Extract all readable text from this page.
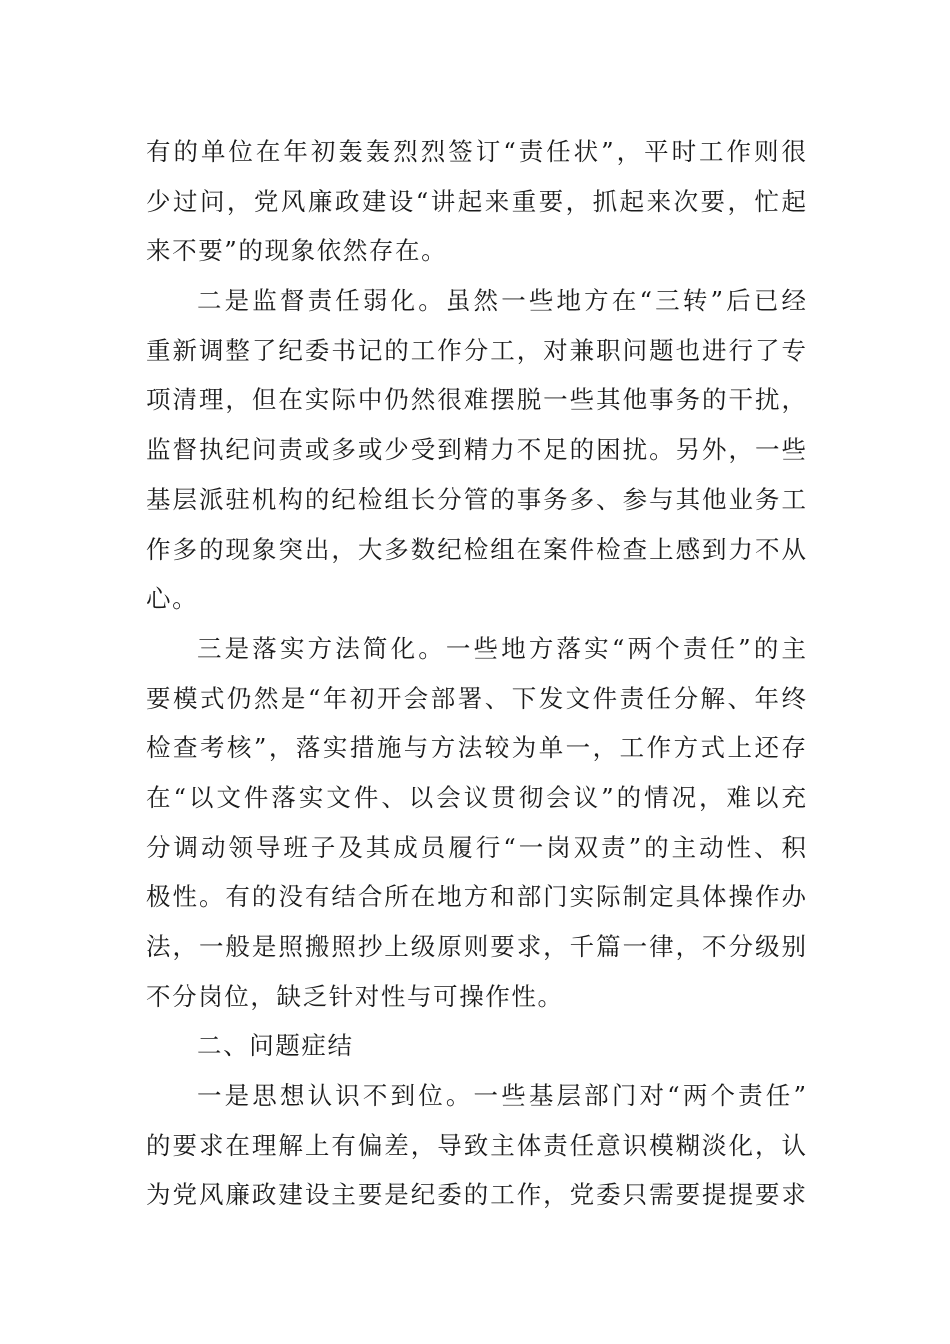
有的单位在年初轰轰烈烈签订“责任状”，平时工作则很
少过问，党风廉政建设“讲起来重要，抓起来次要，忙起
来不要”的现象依然存在。
二是监督责任弱化。虽然一些地方在“三转”后已经
重新调整了纪委书记的工作分工，对兼职问题也进行了专
项清理，但在实际中仍然很难摆脱一些其他事务的干扰，
监督执纪问责或多或少受到精力不足的困扰。另外，一些
基层派驻机构的纪检组长分管的事务多、参与其他业务工
作多的现象突出，大多数纪检组在案件检查上感到力不从
心。
三是落实方法简化。一些地方落实“两个责任”的主
要模式仍然是“年初开会部署、下发文件责任分解、年终
检查考核”，落实措施与方法较为单一，工作方式上还存
在“以文件落实文件、以会议贯彻会议”的情况，难以充
分调动领导班子及其成员履行“一岗双责”的主动性、积
极性。有的没有结合所在地方和部门实际制定具体操作办
法，一般是照搬照抄上级原则要求，千篇一律，不分级别
不分岗位，缺乏针对性与可操作性。
二、问题症结
一是思想认识不到位。一些基层部门对“两个责任”
的要求在理解上有偏差，导致主体责任意识模糊淡化，认
为党风廉政建设主要是纪委的工作，党委只需要提提要求
